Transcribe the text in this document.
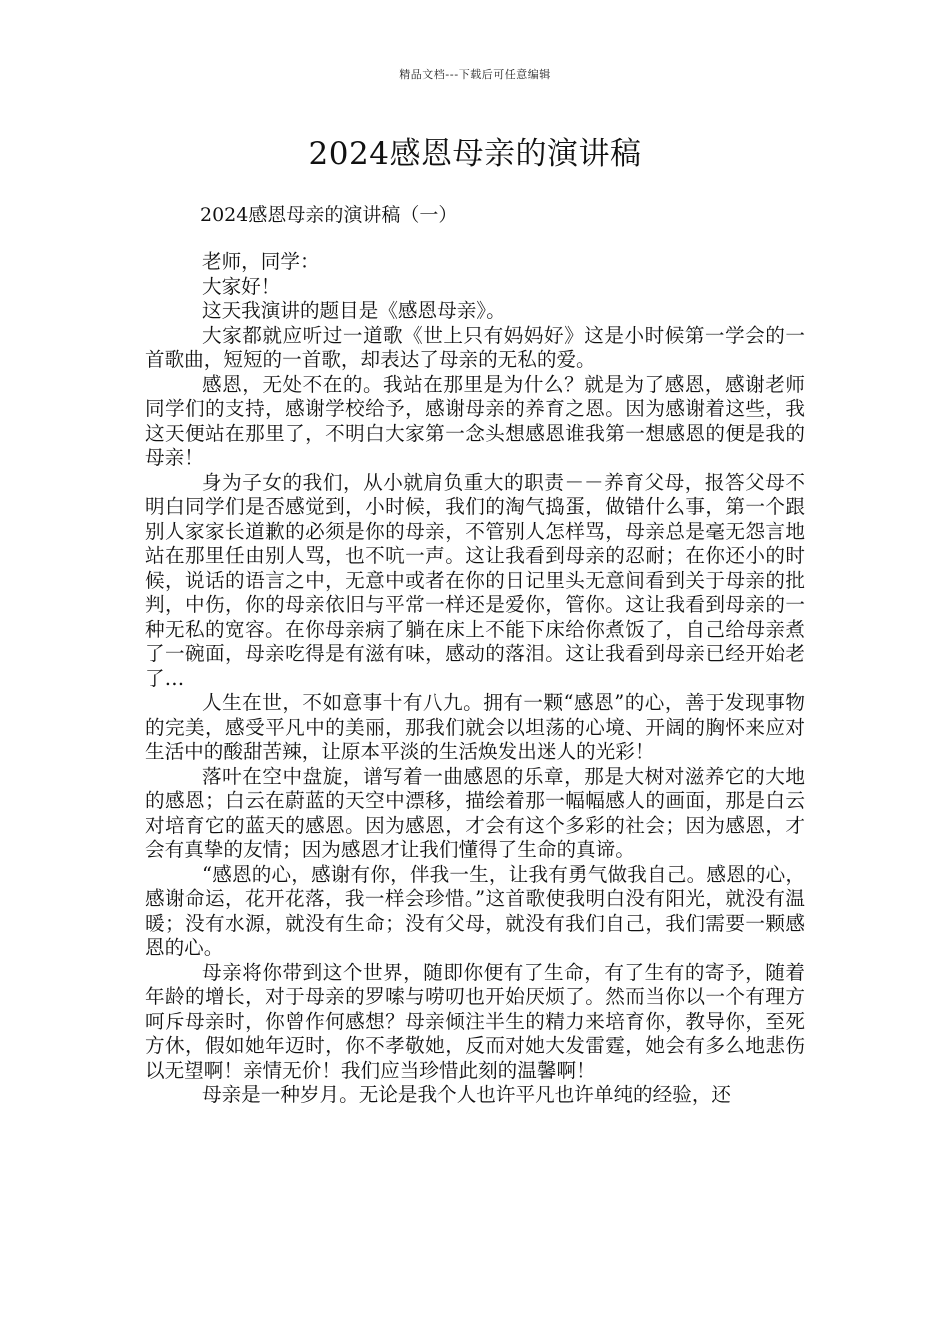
精品文档---下载后可任意编辑
2024感恩母亲的演讲稿

2024感恩母亲的演讲稿（一）

老师，同学：

大家好！

这天我演讲的题目是《感恩母亲》。

大家都就应听过一道歌《世上只有妈妈好》这是小时候第一学会的一首歌曲，短短的一首歌，却表达了母亲的无私的爱。

感恩，无处不在的。我站在那里是为什么？就是为了感恩，感谢老师同学们的支持，感谢学校给予，感谢母亲的养育之恩。因为感谢着这些，我这天便站在那里了，不明白大家第一念头想感恩谁我第一想感恩的便是我的母亲！

身为子女的我们，从小就肩负重大的职责－－养育父母，报答父母不明白同学们是否感觉到，小时候，我们的淘气捣蛋，做错什么事，第一个跟别人家家长道歉的必须是你的母亲，不管别人怎样骂，母亲总是毫无怨言地站在那里任由别人骂，也不吭一声。这让我看到母亲的忍耐；在你还小的时候，说话的语言之中，无意中或者在你的日记里头无意间看到关于母亲的批判，中伤，你的母亲依旧与平常一样还是爱你，管你。这让我看到母亲的一种无私的宽容。在你母亲病了躺在床上不能下床给你煮饭了，自己给母亲煮了一碗面，母亲吃得是有滋有味，感动的落泪。这让我看到母亲已经开始老了…

人生在世，不如意事十有八九。拥有一颗“感恩”的心，善于发现事物的完美，感受平凡中的美丽，那我们就会以坦荡的心境、开阔的胸怀来应对生活中的酸甜苦辣，让原本平淡的生活焕发出迷人的光彩！

落叶在空中盘旋，谱写着一曲感恩的乐章，那是大树对滋养它的大地的感恩；白云在蔚蓝的天空中漂移，描绘着那一幅幅感人的画面，那是白云对培育它的蓝天的感恩。因为感恩，才会有这个多彩的社会；因为感恩，才会有真挚的友情；因为感恩才让我们懂得了生命的真谛。

“感恩的心，感谢有你，伴我一生，让我有勇气做我自己。感恩的心，感谢命运，花开花落，我一样会珍惜。”这首歌使我明白没有阳光，就没有温暖；没有水源，就没有生命；没有父母，就没有我们自己，我们需要一颗感恩的心。

母亲将你带到这个世界，随即你便有了生命，有了生有的寄予，随着年龄的增长，对于母亲的罗嗦与唠叨也开始厌烦了。然而当你以一个有理方呵斥母亲时，你曾作何感想？母亲倾注半生的精力来培育你，教导你，至死方休，假如她年迈时，你不孝敬她，反而对她大发雷霆，她会有多么地悲伤以无望啊！亲情无价！我们应当珍惜此刻的温馨啊！

母亲是一种岁月。无论是我个人也许平凡也许单纯的经验，还
